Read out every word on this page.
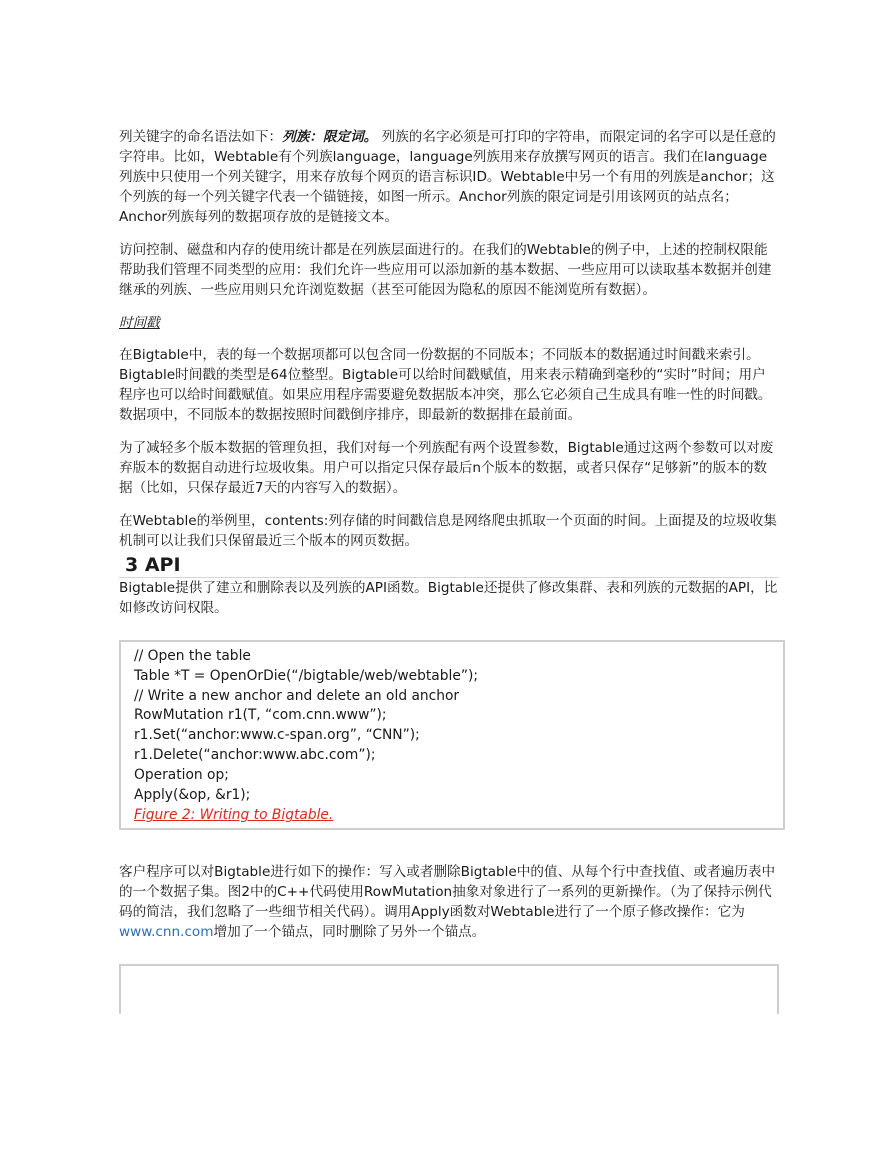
列关键字的命名语法如下：列族：限定词。 列族的名字必须是可打印的字符串，而限定词的名字可以是任意的字符串。比如，Webtable有个列族language，language列族用来存放撰写网页的语言。我们在language列族中只使用一个列关键字，用来存放每个网页的语言标识ID。Webtable中另一个有用的列族是anchor；这个列族的每一个列关键字代表一个锚链接，如图一所示。Anchor列族的限定词是引用该网页的站点名；Anchor列族每列的数据项存放的是链接文本。

访问控制、磁盘和内存的使用统计都是在列族层面进行的。在我们的Webtable的例子中，上述的控制权限能帮助我们管理不同类型的应用：我们允许一些应用可以添加新的基本数据、一些应用可以读取基本数据并创建继承的列族、一些应用则只允许浏览数据（甚至可能因为隐私的原因不能浏览所有数据）。

时间戳

在Bigtable中，表的每一个数据项都可以包含同一份数据的不同版本；不同版本的数据通过时间戳来索引。Bigtable时间戳的类型是64位整型。Bigtable可以给时间戳赋值，用来表示精确到毫秒的“实时”时间；用户程序也可以给时间戳赋值。如果应用程序需要避免数据版本冲突，那么它必须自己生成具有唯一性的时间戳。数据项中，不同版本的数据按照时间戳倒序排序，即最新的数据排在最前面。

为了减轻多个版本数据的管理负担，我们对每一个列族配有两个设置参数，Bigtable通过这两个参数可以对废弃版本的数据自动进行垃圾收集。用户可以指定只保存最后n个版本的数据，或者只保存“足够新”的版本的数据（比如，只保存最近7天的内容写入的数据）。

在Webtable的举例里，contents:列存储的时间戳信息是网络爬虫抓取一个页面的时间。上面提及的垃圾收集机制可以让我们只保留最近三个版本的网页数据。

3 API

Bigtable提供了建立和删除表以及列族的API函数。Bigtable还提供了修改集群、表和列族的元数据的API，比如修改访问权限。

// Open the table
Table *T = OpenOrDie(“/bigtable/web/webtable”);
// Write a new anchor and delete an old anchor
RowMutation r1(T, “com.cnn.www”);
r1.Set(“anchor:www.c-span.org”, “CNN”);
r1.Delete(“anchor:www.abc.com”);
Operation op;
Apply(&op, &r1);
Figure 2: Writing to Bigtable.

客户程序可以对Bigtable进行如下的操作：写入或者删除Bigtable中的值、从每个行中查找值、或者遍历表中的一个数据子集。图2中的C++代码使用RowMutation抽象对象进行了一系列的更新操作。（为了保持示例代码的简洁，我们忽略了一些细节相关代码）。调用Apply函数对Webtable进行了一个原子修改操作：它为www.cnn.com增加了一个锚点，同时删除了另外一个锚点。
